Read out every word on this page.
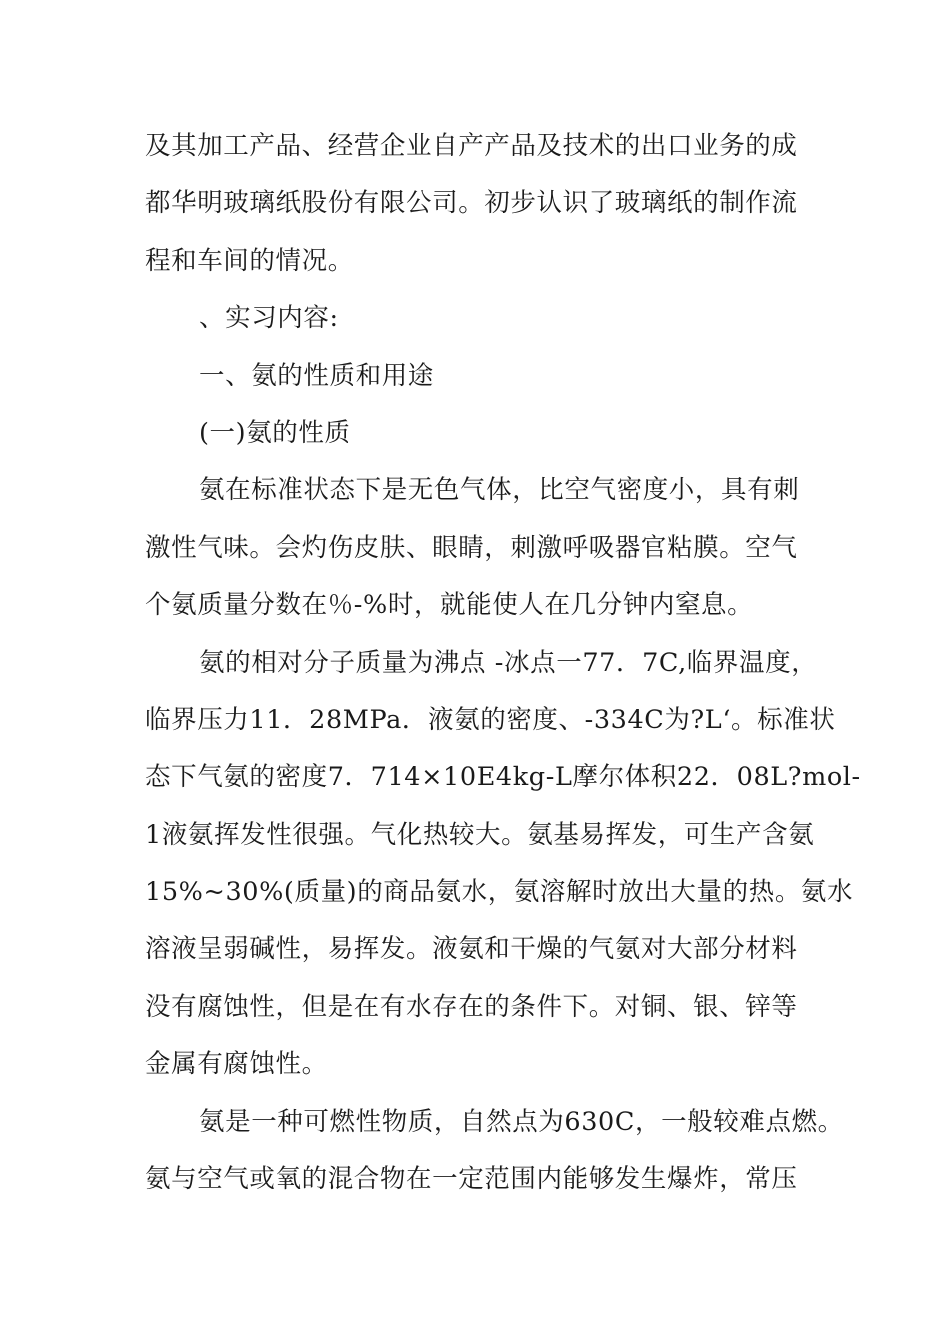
及其加工产品、经营企业自产产品及技术的出口业务的成
都华明玻璃纸股份有限公司。初步认识了玻璃纸的制作流
程和车间的情况。
、实习内容:
一、氨的性质和用途
(一)氨的性质
氨在标准状态下是无色气体，比空气密度小，具有刺
激性气味。会灼伤皮肤、眼睛，刺激呼吸器官粘膜。空气
个氨质量分数在％-%时，就能使人在几分钟内窒息。
氨的相对分子质量为沸点 -冰点一77．7C,临界温度，
临界压力11．28MPa．液氨的密度、-334C为?L‘。标准状
态下气氨的密度7．714×10E4kg-L摩尔体积22．08L?mol-
1液氨挥发性很强。气化热较大。氨基易挥发，可生产含氨
15%~30%(质量)的商品氨水，氨溶解时放出大量的热。氨水
溶液呈弱碱性，易挥发。液氨和干燥的气氨对大部分材料
没有腐蚀性，但是在有水存在的条件下。对铜、银、锌等
金属有腐蚀性。
氨是一种可燃性物质，自然点为630C，一般较难点燃。
氨与空气或氧的混合物在一定范围内能够发生爆炸，常压
